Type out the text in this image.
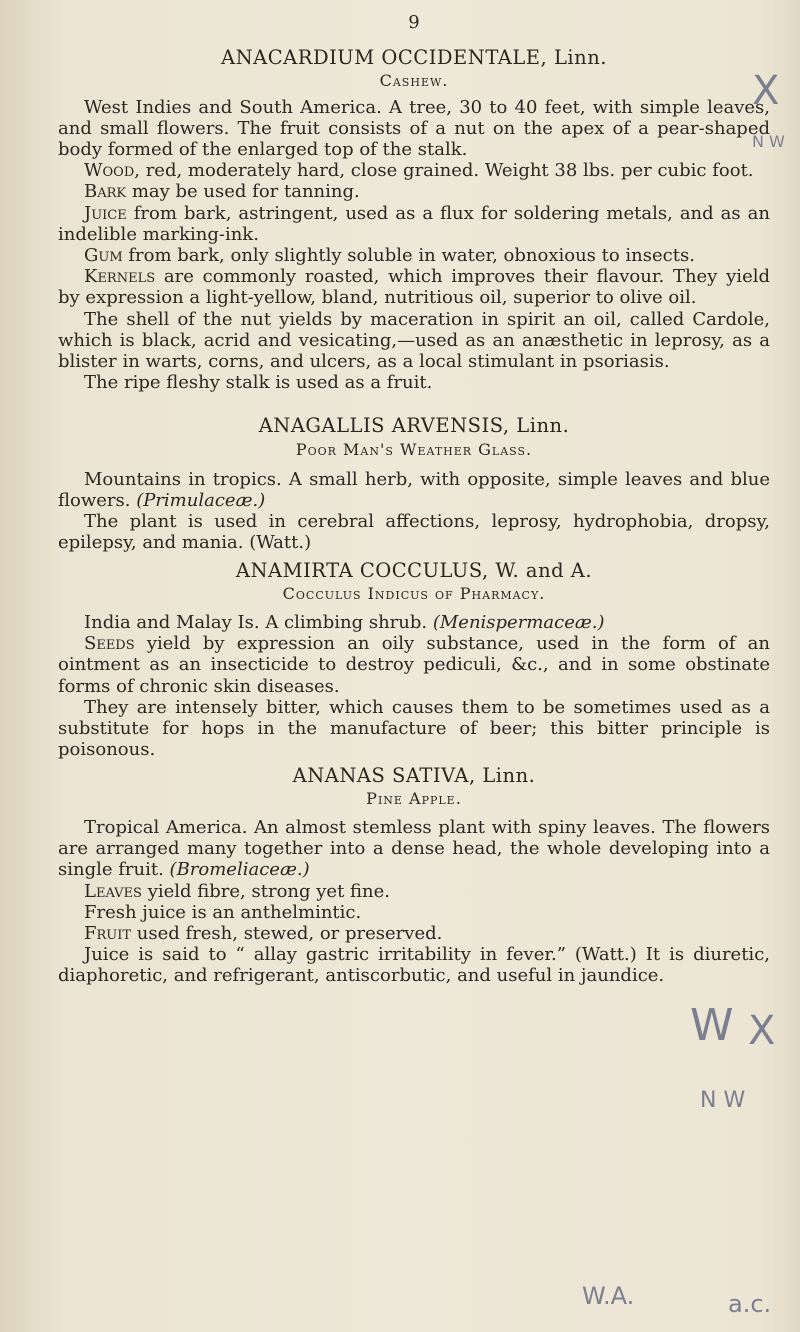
9
ANACARDIUM OCCIDENTALE, Linn.
Cashew.

West Indies and South America. A tree, 30 to 40 feet, with simple leaves, and small flowers. The fruit consists of a nut on the apex of a pear-shaped body formed of the enlarged top of the stalk.

Wood, red, moderately hard, close grained. Weight 38 lbs. per cubic foot.

Bark may be used for tanning.

Juice from bark, astringent, used as a flux for soldering metals, and as an indelible marking-ink.

Gum from bark, only slightly soluble in water, obnoxious to insects.

Kernels are commonly roasted, which improves their flavour. They yield by expression a light-yellow, bland, nutritious oil, superior to olive oil.

The shell of the nut yields by maceration in spirit an oil, called Cardole, which is black, acrid and vesicating,—used as an anæsthetic in leprosy, as a blister in warts, corns, and ulcers, as a local stimulant in psoriasis.

The ripe fleshy stalk is used as a fruit.

ANAGALLIS ARVENSIS, Linn.
Poor Man's Weather Glass.

Mountains in tropics. A small herb, with opposite, simple leaves and blue flowers. (Primulaceæ.)

The plant is used in cerebral affections, leprosy, hydrophobia, dropsy, epilepsy, and mania. (Watt.)

ANAMIRTA COCCULUS, W. and A.
Cocculus Indicus of Pharmacy.

India and Malay Is. A climbing shrub. (Menispermaceæ.)

Seeds yield by expression an oily substance, used in the form of an ointment as an insecticide to destroy pediculi, &c., and in some obstinate forms of chronic skin diseases.

They are intensely bitter, which causes them to be sometimes used as a substitute for hops in the manufacture of beer; this bitter principle is poisonous.

ANANAS SATIVA, Linn.
Pine Apple.

Tropical America. An almost stemless plant with spiny leaves. The flowers are arranged many together into a dense head, the whole developing into a single fruit. (Bromeliaceæ.)

Leaves yield fibre, strong yet fine.

Fresh juice is an anthelmintic.

Fruit used fresh, stewed, or preserved.

Juice is said to “ allay gastric irritability in fever.” (Watt.) It is diuretic, diaphoretic, and refrigerant, antiscorbutic, and useful in jaundice.

X
N W
W X
N W
W.A.	a.c.
